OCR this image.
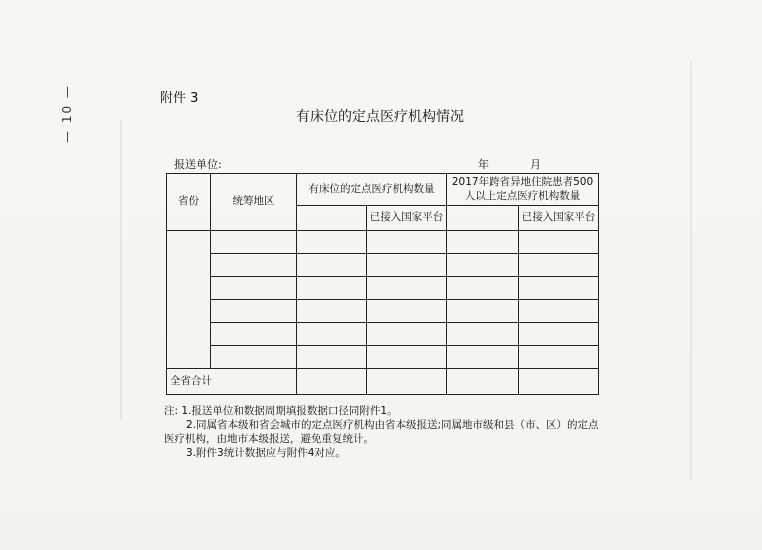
— 10 —	附件 3
有床位的定点医疗机构情况
报送单位:	年	月
省份	统筹地区	有床位的定点医疗机构数量		2017年跨省异地住院患者500人以上定点医疗机构数量	
			已接入国家平台		已接入国家平台

全省合计					
注: 1.报送单位和数据周期填报数据口径同附件1。
2.同属省本级和省会城市的定点医疗机构由省本级报送;同属地市级和县（市、区）的定点
医疗机构，由地市本级报送，避免重复统计。
3.附件3统计数据应与附件4对应。
